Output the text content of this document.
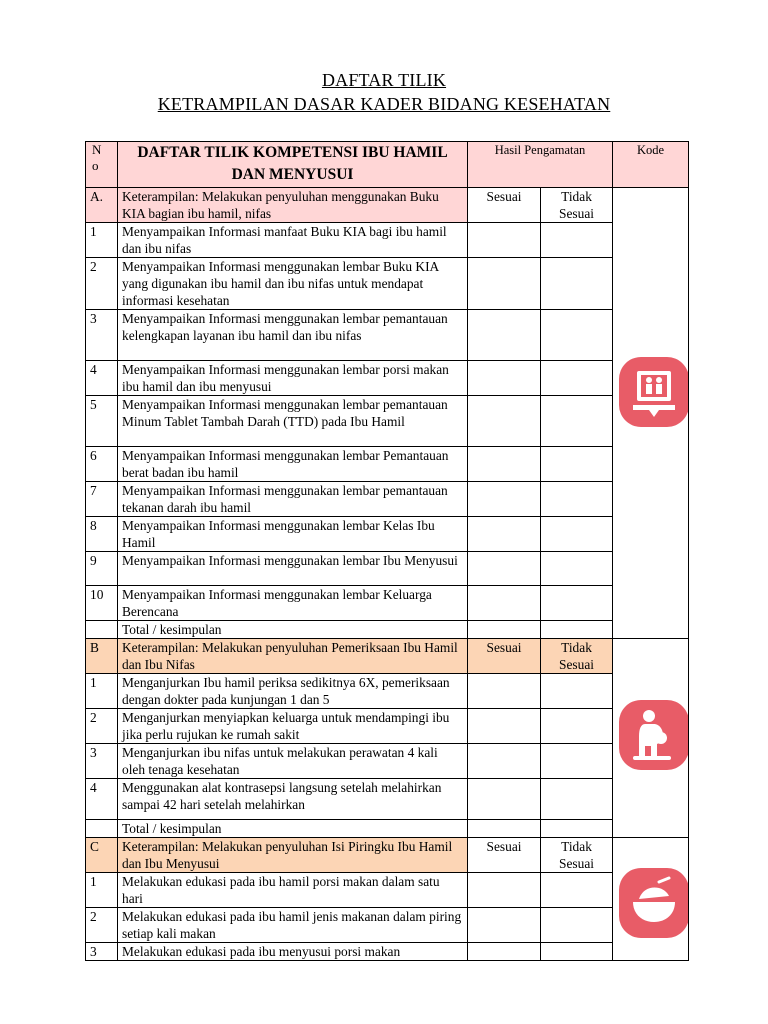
DAFTAR TILIK
KETRAMPILAN DASAR KADER BIDANG KESEHATAN
N o	DAFTAR TILIK KOMPETENSI IBU HAMIL DAN MENYUSUI	Hasil Pengamatan		Kode
A.	Keterampilan: Melakukan penyuluhan menggunakan Buku KIA bagian ibu hamil, nifas	Sesuai	Tidak Sesuai	

1	Menyampaikan Informasi manfaat Buku KIA bagi ibu hamil dan ibu nifas			
2	Menyampaikan Informasi menggunakan lembar Buku KIA yang digunakan ibu hamil dan ibu nifas untuk mendapat informasi kesehatan			
3	Menyampaikan Informasi menggunakan lembar pemantauan kelengkapan layanan ibu hamil dan ibu nifas			
4	Menyampaikan Informasi menggunakan lembar porsi makan ibu hamil dan ibu menyusui			
5	Menyampaikan Informasi menggunakan lembar pemantauan Minum Tablet Tambah Darah (TTD) pada Ibu Hamil			
6	Menyampaikan Informasi menggunakan lembar Pemantauan berat badan ibu hamil			
7	Menyampaikan Informasi menggunakan lembar pemantauan tekanan darah ibu hamil			
8	Menyampaikan Informasi menggunakan lembar Kelas Ibu Hamil			
9	Menyampaikan Informasi menggunakan lembar Ibu Menyusui			
10	Menyampaikan Informasi menggunakan lembar Keluarga Berencana			
	Total / kesimpulan			
B	Keterampilan: Melakukan penyuluhan Pemeriksaan Ibu Hamil dan Ibu Nifas	Sesuai	Tidak Sesuai	

1	Menganjurkan Ibu hamil periksa sedikitnya 6X, pemeriksaan dengan dokter pada kunjungan 1 dan 5			
2	Menganjurkan menyiapkan keluarga untuk mendampingi ibu jika perlu rujukan ke rumah sakit			
3	Menganjurkan ibu nifas untuk melakukan perawatan 4 kali oleh tenaga kesehatan			
4	Menggunakan alat kontrasepsi langsung setelah melahirkan sampai 42 hari setelah melahirkan			
	Total / kesimpulan			
C	Keterampilan: Melakukan penyuluhan Isi Piringku Ibu Hamil dan Ibu Menyusui	Sesuai	Tidak Sesuai	

1	Melakukan edukasi pada ibu hamil porsi makan dalam satu hari			
2	Melakukan edukasi pada ibu hamil jenis makanan dalam piring setiap kali makan			
3	Melakukan edukasi pada ibu menyusui porsi makan			
